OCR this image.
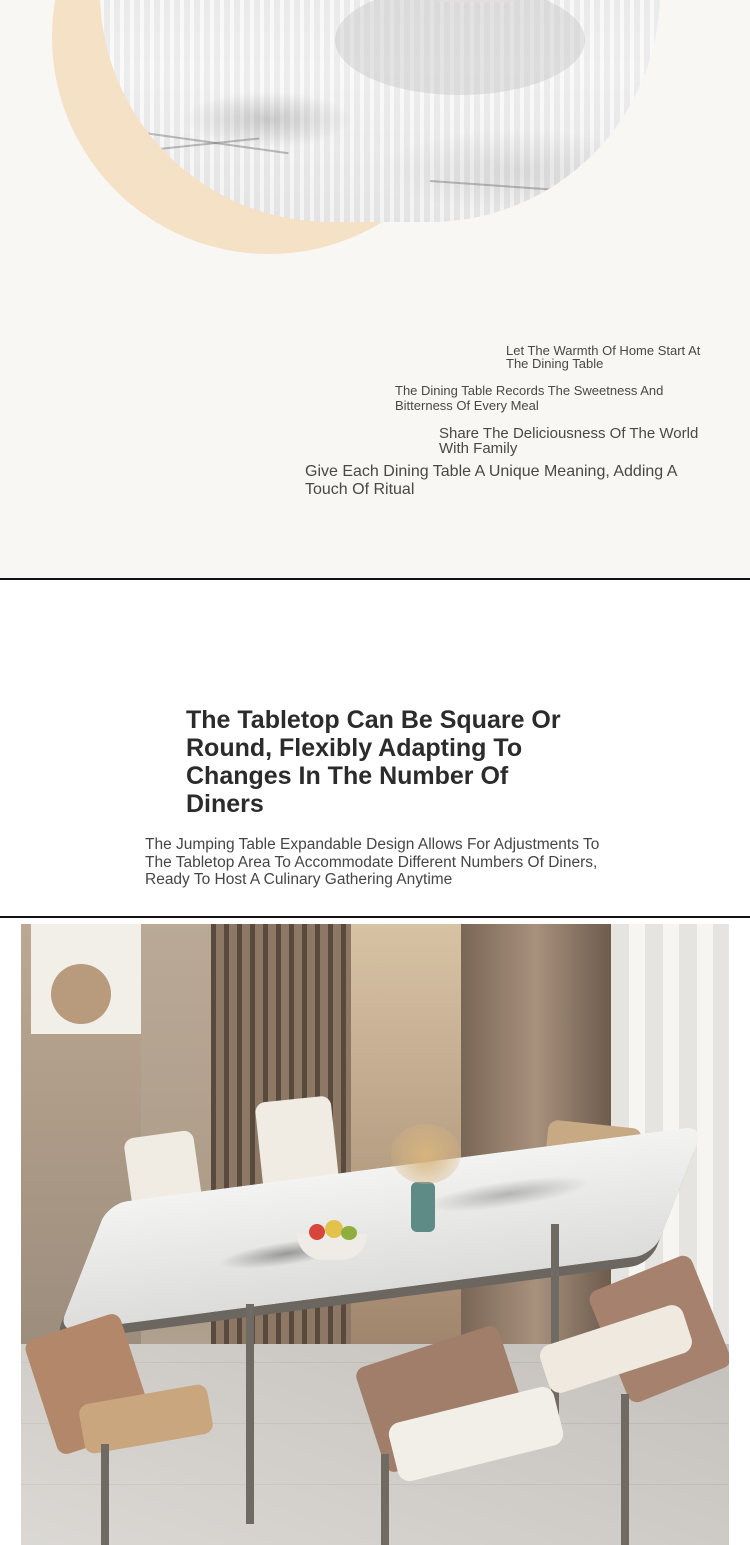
Let The Warmth Of Home Start At The Dining Table

The Dining Table Records The Sweetness And Bitterness Of Every Meal

Share The Deliciousness Of The World With Family

Give Each Dining Table A Unique Meaning, Adding A Touch Of Ritual

The Tabletop Can Be Square Or Round, Flexibly Adapting To Changes In The Number Of Diners

The Jumping Table Expandable Design Allows For Adjustments To The Tabletop Area To Accommodate Different Numbers Of Diners, Ready To Host A Culinary Gathering Anytime
